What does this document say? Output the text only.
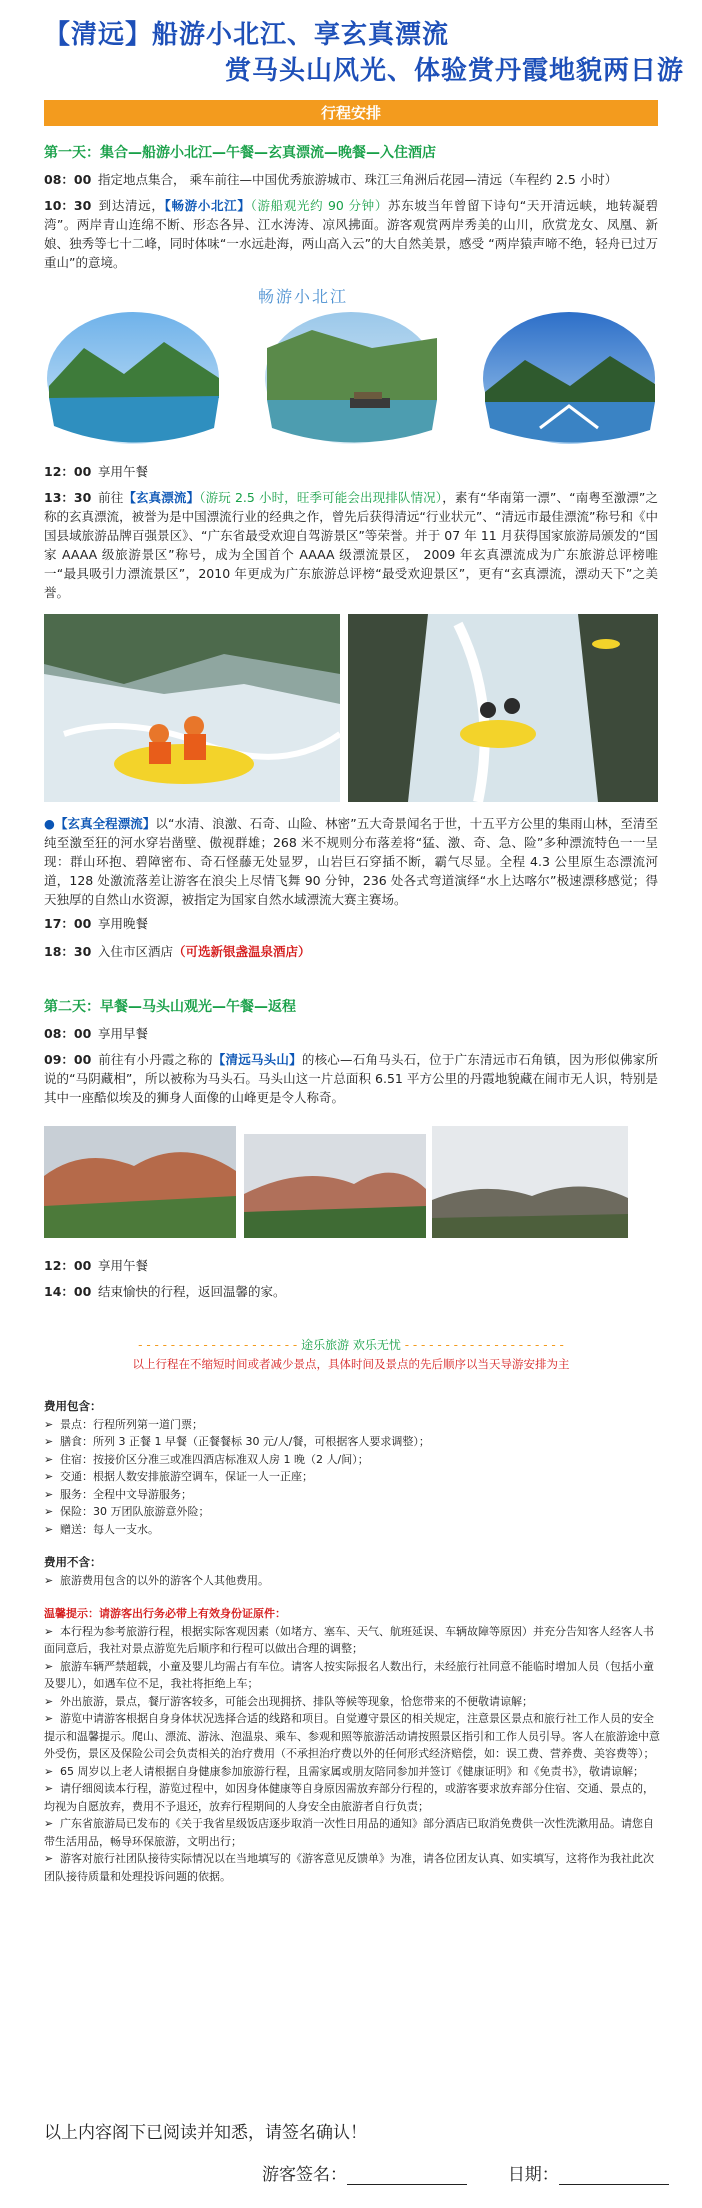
【清远】船游小北江、享玄真漂流
赏马头山风光、体验赏丹霞地貌两日游
行程安排
第一天：集合—船游小北江—午餐—玄真漂流—晚餐—入住酒店
08：00 指定地点集合， 乘车前往—中国优秀旅游城市、珠江三角洲后花园—清远（车程约 2.5 小时）
10：30 到达清远，【畅游小北江】（游船观光约 90 分钟）苏东坡当年曾留下诗句“天开清远峡，地转凝碧湾”。两岸青山连绵不断、形态各异、江水涛涛、凉风拂面。游客观赏两岸秀美的山川，欣赏龙女、凤凰、新娘、独秀等七十二峰，同时体味“一水远赴海，两山高入云”的大自然美景，感受 “两岸猿声啼不绝，轻舟已过万重山”的意境。
畅游小北江
12：00 享用午餐
13：30 前往【玄真漂流】（游玩 2.5 小时，旺季可能会出现排队情况），素有“华南第一漂”、“南粤至激漂”之称的玄真漂流，被誉为是中国漂流行业的经典之作，曾先后获得清远“行业状元”、“清远市最佳漂流”称号和《中国县域旅游品牌百强景区》、“广东省最受欢迎自驾游景区”等荣誉。并于 07 年 11 月获得国家旅游局颁发的“国家 AAAA 级旅游景区”称号，成为全国首个 AAAA 级漂流景区， 2009 年玄真漂流成为广东旅游总评榜唯一“最具吸引力漂流景区”，2010 年更成为广东旅游总评榜“最受欢迎景区”，更有“玄真漂流，漂动天下”之美誉。
●【玄真全程漂流】以“水清、浪激、石奇、山险、林密”五大奇景闻名于世，十五平方公里的集雨山林，至清至纯至激至狂的河水穿岩凿壁、傲视群雄；268 米不规则分布落差将“猛、激、奇、急、险”多种漂流特色一一呈现：群山环抱、碧障密布、奇石怪藤无处显罗，山岩巨石穿插不断，霸气尽显。全程 4.3 公里原生态漂流河道，128 处激流落差让游客在浪尖上尽情飞舞 90 分钟，236 处各式弯道演绎“水上达喀尔”极速漂移感觉；得天独厚的自然山水资源，被指定为国家自然水域漂流大赛主赛场。
17：00 享用晚餐
18：30 入住市区酒店（可选新银盏温泉酒店）
第二天：早餐—马头山观光—午餐—返程
08：00 享用早餐
09：00 前往有小丹霞之称的【清远马头山】的核心—石角马头石，位于广东清远市石角镇，因为形似佛家所说的“马阴藏相”，所以被称为马头石。马头山这一片总面积 6.51 平方公里的丹霞地貌藏在闹市无人识，特别是其中一座酷似埃及的狮身人面像的山峰更是令人称奇。
12：00 享用午餐
14：00 结束愉快的行程，返回温馨的家。
- - - - - - - - - - - - - - - - - - - - 途乐旅游 欢乐无忧 - - - - - - - - - - - - - - - - - - - -
以上行程在不缩短时间或者减少景点，具体时间及景点的先后顺序以当天导游安排为主
费用包含：
➢ 景点：行程所列第一道门票；
➢ 膳食：所列 3 正餐 1 早餐（正餐餐标 30 元/人/餐，可根据客人要求调整）；
➢ 住宿：按接价区分准三或准四酒店标准双人房 1 晚（2 人/间）；
➢ 交通：根据人数安排旅游空调车，保证一人一正座；
➢ 服务：全程中文导游服务；
➢ 保险：30 万团队旅游意外险；
➢ 赠送：每人一支水。
费用不含：
➢ 旅游费用包含的以外的游客个人其他费用。
温馨提示：请游客出行务必带上有效身份证原件：
➢ 本行程为参考旅游行程，根据实际客观因素（如堵方、塞车、天气、航班延误、车辆故障等原因）并充分告知客人经客人书面同意后，我社对景点游览先后顺序和行程可以做出合理的调整；
➢ 旅游车辆严禁超载，小童及婴儿均需占有车位。请客人按实际报名人数出行，未经旅行社同意不能临时增加人员（包括小童及婴儿），如遇车位不足，我社将拒绝上车；
➢ 外出旅游，景点，餐厅游客较多，可能会出现拥挤、排队等候等现象，恰您带来的不便敬请谅解；
➢ 游览中请游客根据自身身体状况选择合适的线路和项目。自觉遵守景区的相关规定，注意景区景点和旅行社工作人员的安全提示和温馨提示。爬山、漂流、游泳、泡温泉、乘车、参观和照等旅游活动请按照景区指引和工作人员引导。客人在旅游途中意外受伤，景区及保险公司会负责相关的治疗费用（不承担治疗费以外的任何形式经济赔偿，如：误工费、营养费、美容费等）；
➢ 65 周岁以上老人请根据自身健康参加旅游行程，且需家属或朋友陪同参加并签订《健康证明》和《免责书》，敬请谅解；
➢ 请仔细阅读本行程，游览过程中，如因身体健康等自身原因需放弃部分行程的，或游客要求放弃部分住宿、交通、景点的，均视为自愿放弃，费用不予退还，放弃行程期间的人身安全由旅游者自行负责；
➢ 广东省旅游局已发布的《关于我省星级饭店逐步取消一次性日用品的通知》部分酒店已取消免费供一次性洗漱用品。请您自带生活用品，畅导环保旅游，文明出行；
➢ 游客对旅行社团队接待实际情况以在当地填写的《游客意见反馈单》为准，请各位团友认真、如实填写，这将作为我社此次团队接待质量和处理投诉问题的依据。
以上内容阁下已阅读并知悉，请签名确认！
游客签名：	日期：
